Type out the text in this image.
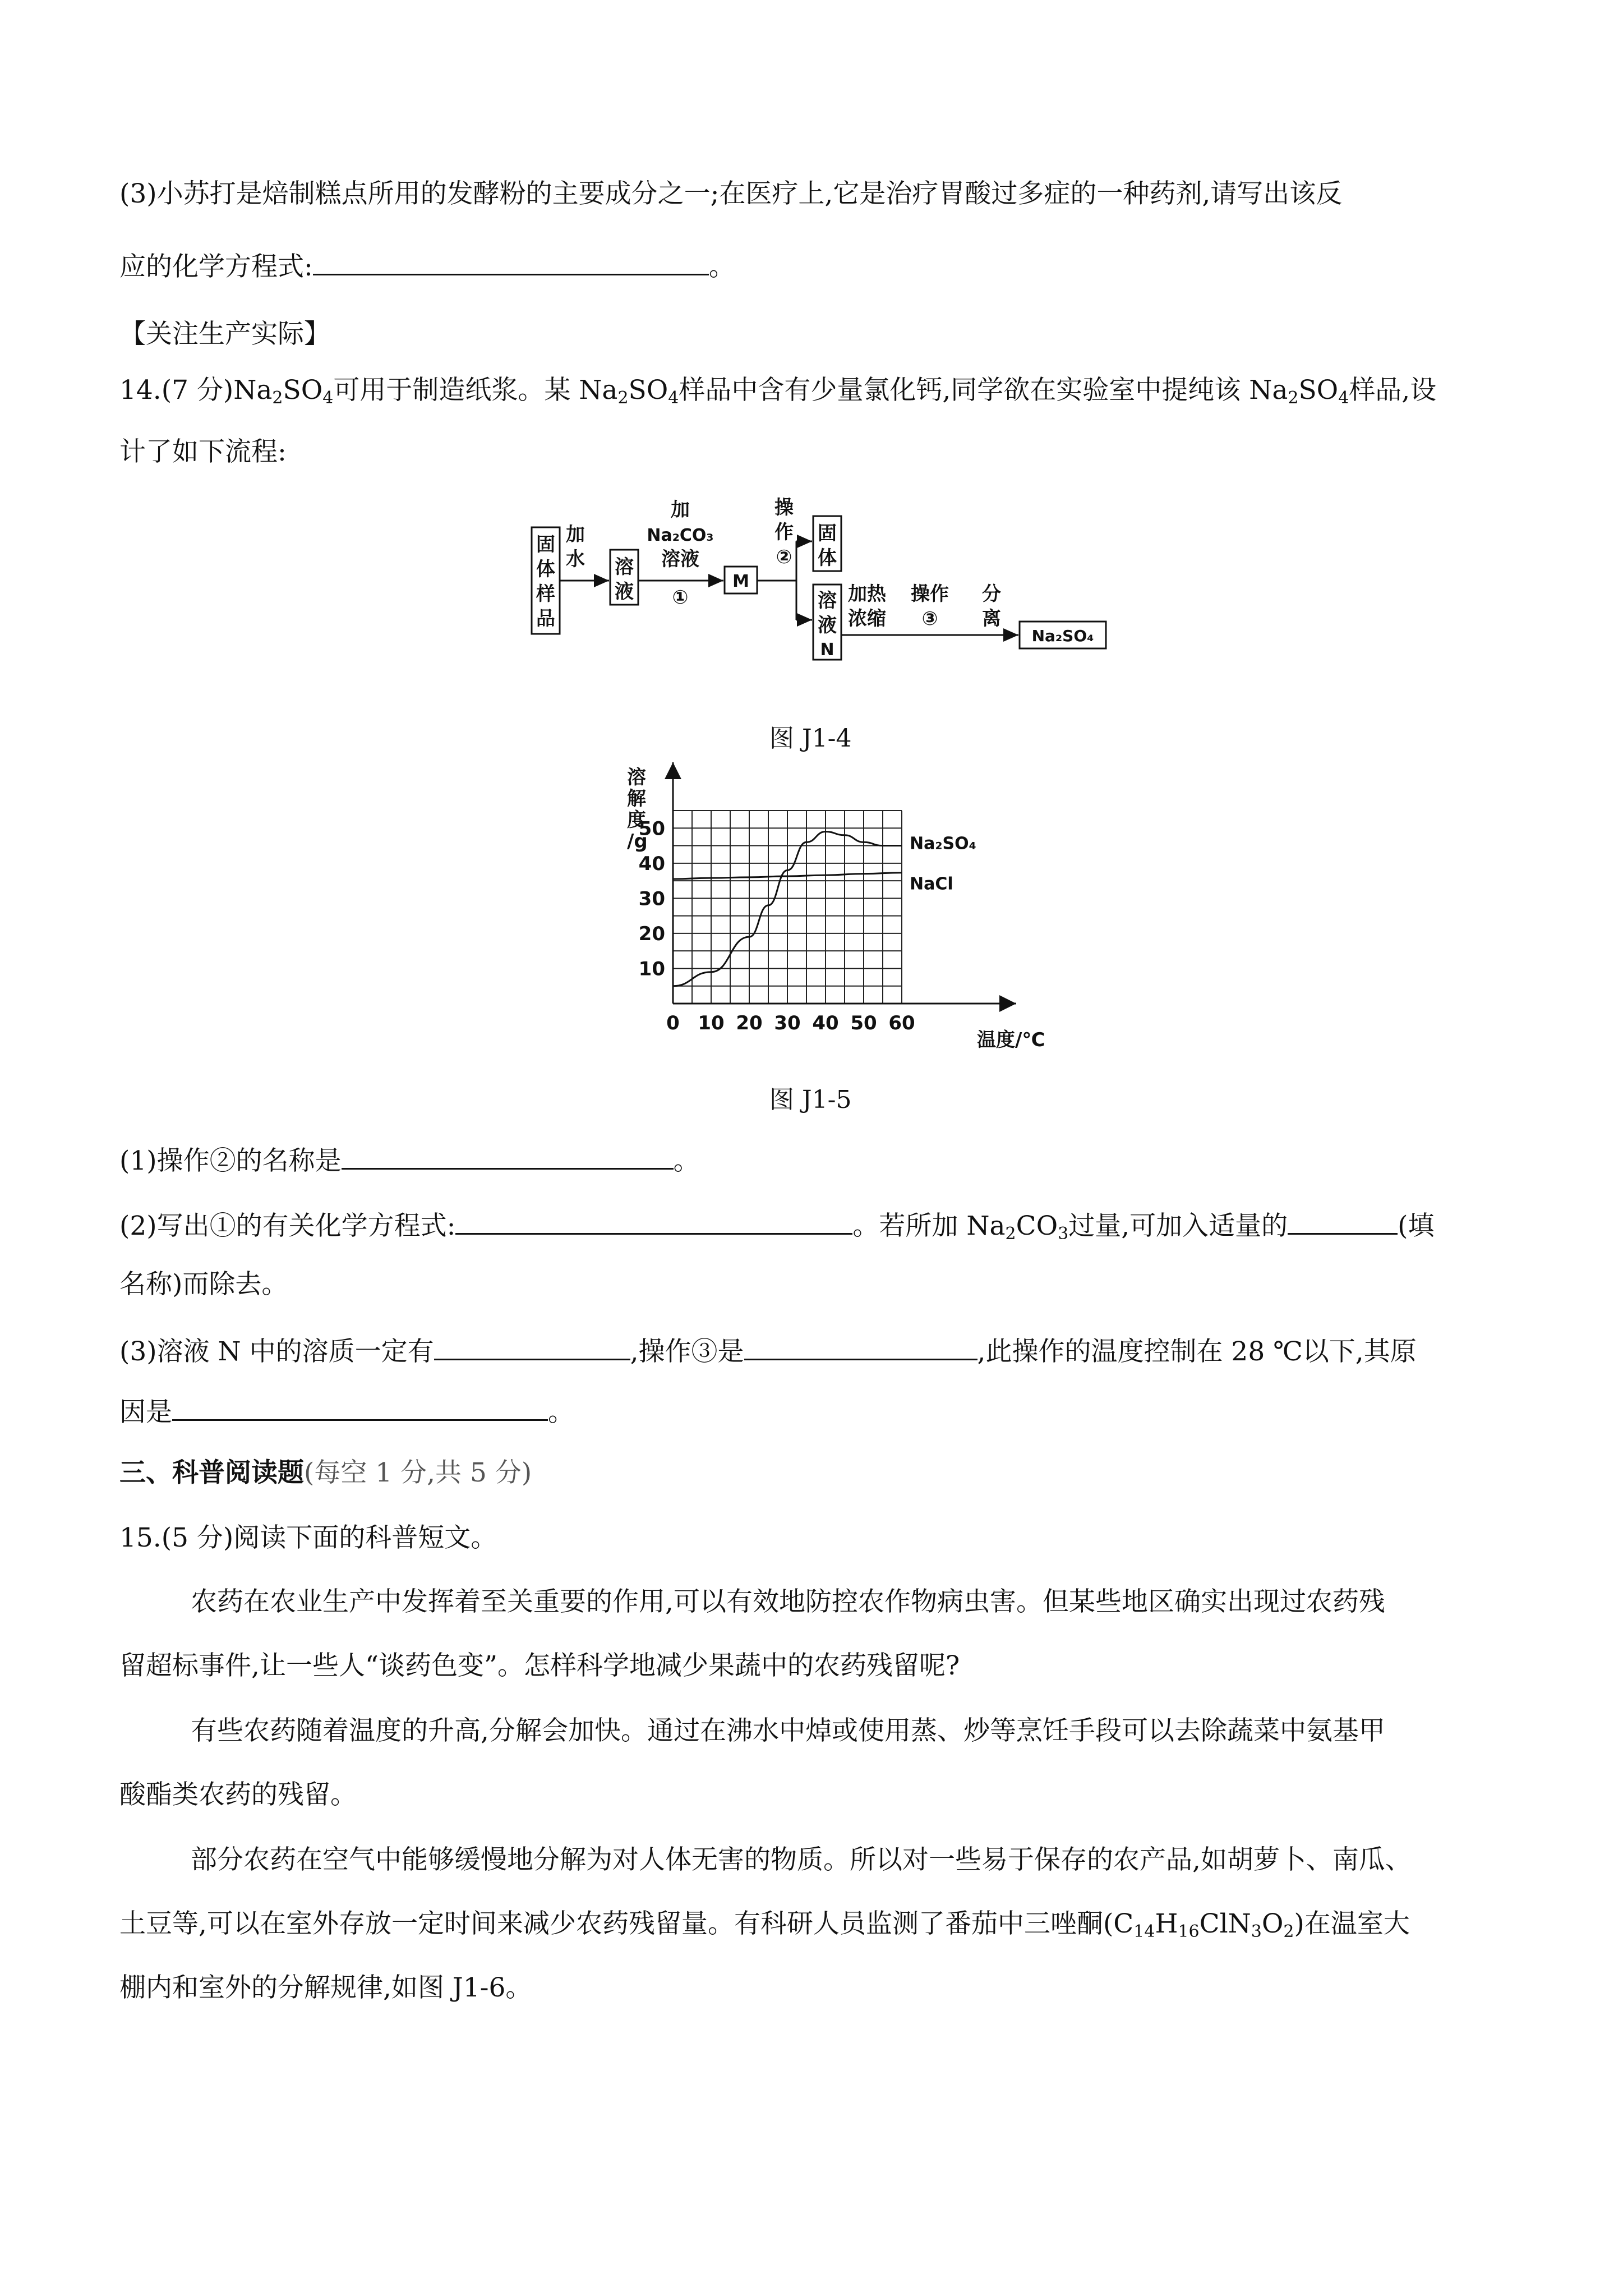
(3)小苏打是焙制糕点所用的发酵粉的主要成分之一;在医疗上,它是治疗胃酸过多症的一种药剂,请写出该反
应的化学方程式:	。
【关注生产实际】
14.(7 分)$Na_2SO_4$可用于制造纸浆。某 $Na_2SO_4$样品中含有少量氯化钙,同学欲在实验室中提纯该 $Na_2SO_4$样品,设
计了如下流程:
固
体
样
品
加
水 溶
液
加
Na₂CO₃
溶液
①
M
操
作
②
固
体
溶
液
N
加热
浓缩
操作
③
分
离
Na₂SO₄
图 J1-4
0 10 20 30 40 50 60
10
20
30
40
50
Na₂SO₄
NaCl
溶
解
度
/g
温度/℃
图 J1-5
(1)操作②的名称是	。
(2)写出①的有关化学方程式:	。若所加 $Na_2CO_3$过量,可加入适量的	(填
名称)而除去。
(3)溶液 N 中的溶质一定有	,操作③是	,此操作的温度控制在 28 ℃以下,其原
因是	。
三、科普阅读题(每空 1 分,共 5 分)
15.(5 分)阅读下面的科普短文。
农药在农业生产中发挥着至关重要的作用,可以有效地防控农作物病虫害。但某些地区确实出现过农药残
留超标事件,让一些人“谈药色变”。怎样科学地减少果蔬中的农药残留呢?
有些农药随着温度的升高,分解会加快。通过在沸水中焯或使用蒸、炒等烹饪手段可以去除蔬菜中氨基甲
酸酯类农药的残留。
部分农药在空气中能够缓慢地分解为对人体无害的物质。所以对一些易于保存的农产品,如胡萝卜、南瓜、
土豆等,可以在室外存放一定时间来减少农药残留量。有科研人员监测了番茄中三唑酮$(C_{14}H_{16}ClN_3O_2)$在温室大
棚内和室外的分解规律,如图 J1-6。
